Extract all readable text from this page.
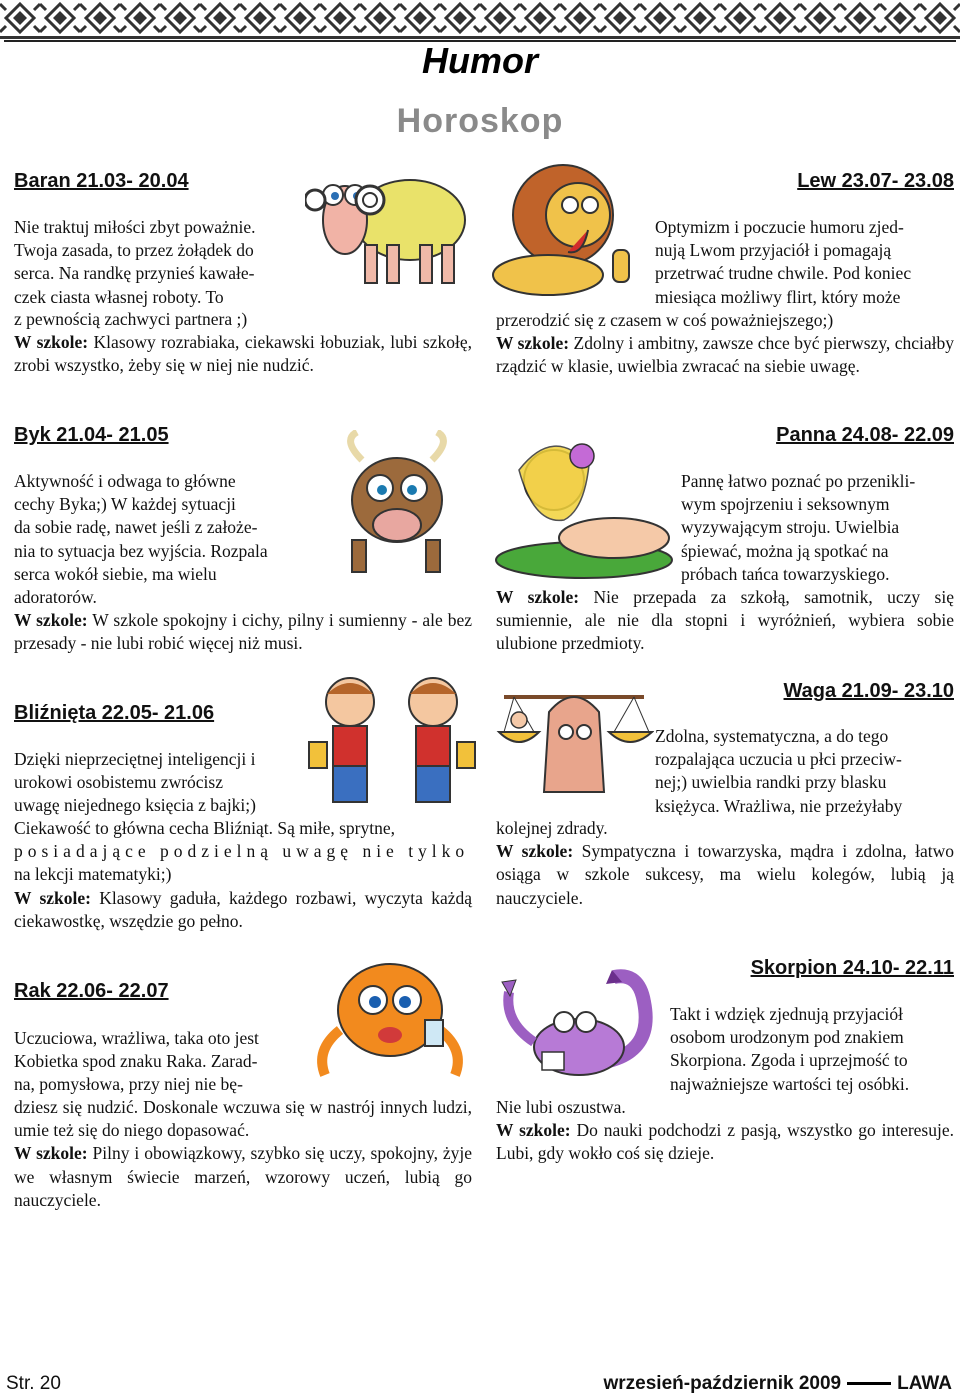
Humor
Horoskop
Baran 21.03- 20.04

Nie traktuj miłości zbyt poważnie.

Twoja zasada, to przez żołądek do

serca. Na randkę przynieś kawałe-

czek ciasta własnej roboty. To

z pewnością zachwyci partnera ;)

W szkole: Klasowy rozrabiaka, ciekawski łobuziak, lubi szkołę, zrobi wszystko, żeby się w niej nie nudzić.

Byk 21.04- 21.05

Aktywność i odwaga to główne

cechy Byka;) W każdej sytuacji

da sobie radę, nawet jeśli z założe-

nia to sytuacja bez wyjścia. Rozpala

serca wokół siebie, ma wielu

adoratorów.

W szkole: W szkole spokojny i cichy, pilny i sumienny - ale bez przesady - nie lubi robić więcej niż musi.

Bliźnięta 22.05- 21.06

Dzięki nieprzeciętnej inteligencji i

urokowi osobistemu zwrócisz

uwagę niejednego księcia z bajki;)

Ciekawość to główna cecha Bliźniąt. Są miłe, sprytne,

posiadające podzielną uwagę nie tylko

na lekcji matematyki;)

W szkole: Klasowy gaduła, każdego rozbawi, wyczyta każdą ciekawostkę, wszędzie go pełno.

Rak 22.06- 22.07

Uczuciowa, wrażliwa, taka oto jest

Kobietka spod znaku Raka. Zarad-

na, pomysłowa, przy niej nie bę-

dziesz się nudzić. Doskonale wczuwa się w nastrój innych ludzi, umie też się do niego dopasować.

W szkole: Pilny i obowiązkowy, szybko się uczy, spokojny, żyje we własnym świecie marzeń, wzorowy uczeń, lubią go nauczyciele.

Lew 23.07- 23.08

Optymizm i poczucie humoru zjed-

nują Lwom przyjaciół i pomagają

przetrwać trudne chwile. Pod koniec

miesiąca możliwy flirt, który może

przerodzić się z czasem w coś poważniejszego;)

W szkole: Zdolny i ambitny, zawsze chce być pierwszy, chciałby rządzić w klasie, uwielbia zwracać na siebie uwagę.

Panna 24.08- 22.09

Pannę łatwo poznać po przenikli-

wym spojrzeniu i seksownym

wyzywającym stroju. Uwielbia

śpiewać, można ją spotkać na

próbach tańca towarzyskiego.

W szkole: Nie przepada za szkołą, samotnik, uczy się sumiennie, ale nie dla stopni i wyróżnień, wybiera sobie ulubione przedmioty.

Waga 21.09- 23.10

Zdolna, systematyczna, a do tego

rozpalająca uczucia u płci przeciw-

nej;) uwielbia randki przy blasku

księżyca. Wrażliwa, nie przeżyłaby

kolejnej zdrady.

W szkole: Sympatyczna i towarzyska, mądra i zdolna, łatwo osiąga w szkole sukcesy, ma wielu kolegów, lubią ją nauczyciele.

Skorpion 24.10- 22.11

Takt i wdzięk zjednują przyjaciół

osobom urodzonym pod znakiem

Skorpiona. Zgoda i uprzejmość to

najważniejsze wartości tej osóbki.

Nie lubi oszustwa.

W szkole: Do nauki podchodzi z pasją, wszystko go interesuje. Lubi, gdy wokło coś się dzieje.

Str. 20	wrzesień-październik 2009	LAWA
